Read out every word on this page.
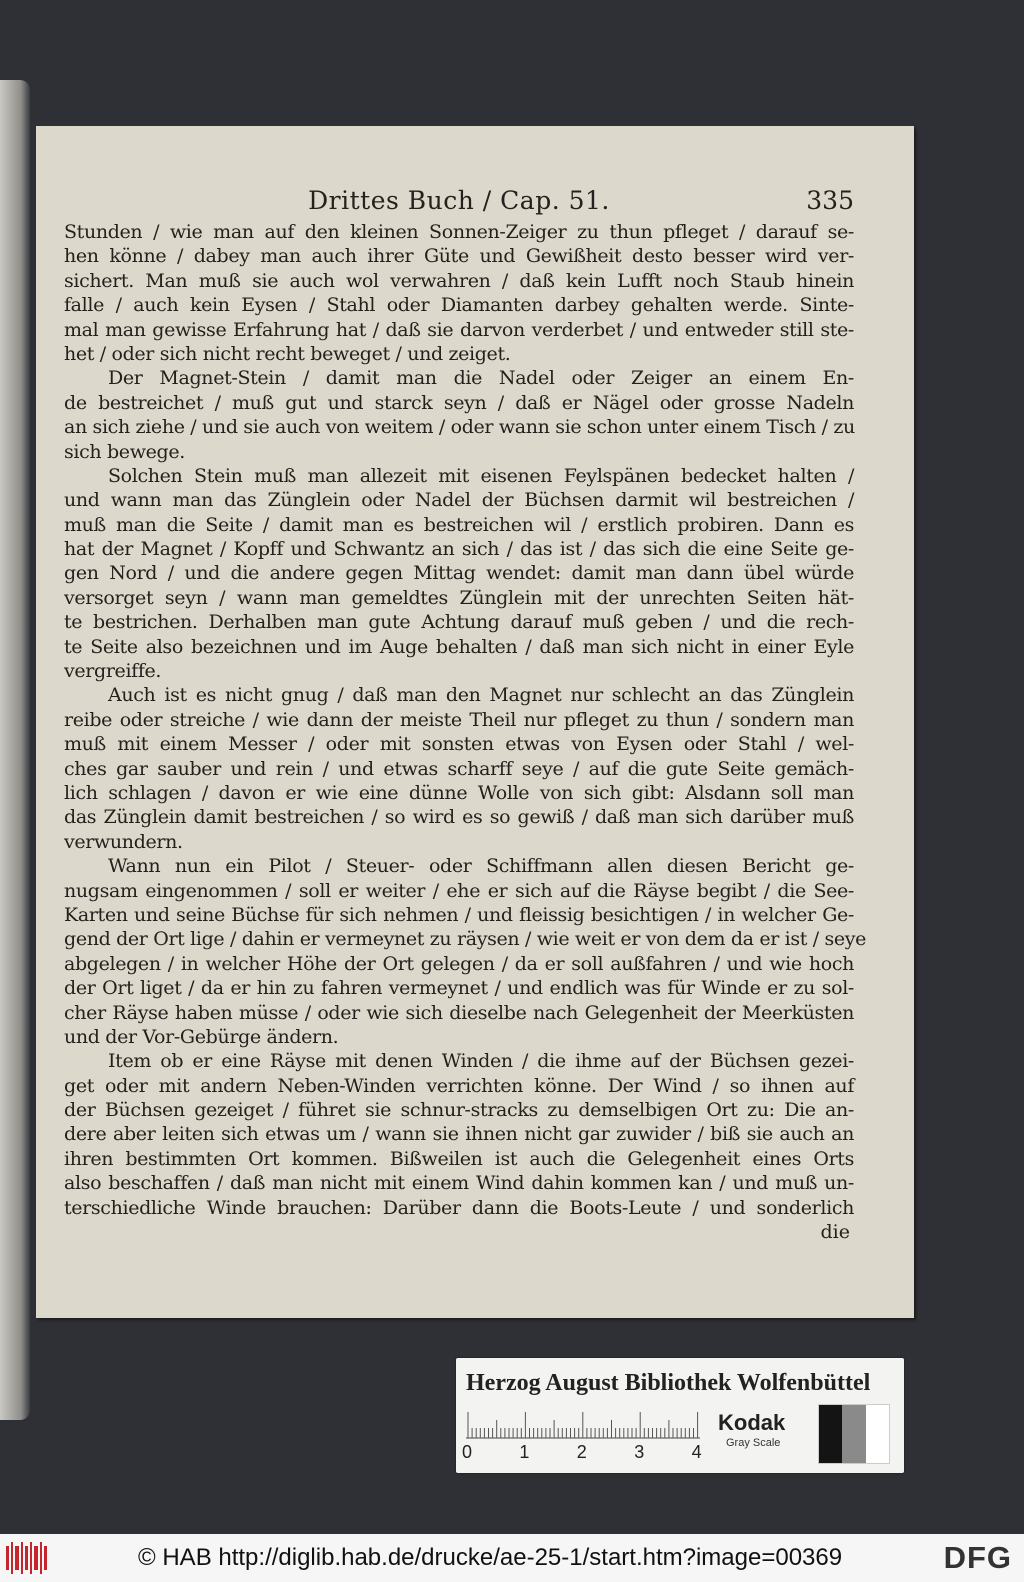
Drittes Buch / Cap. 51.	335
Stunden / wie man auf den kleinen Sonnen-Zeiger zu thun pfleget / darauf se-
hen könne / dabey man auch ihrer Güte und Gewißheit desto besser wird ver-
sichert. Man muß sie auch wol verwahren / daß kein Lufft noch Staub hinein
falle / auch kein Eysen / Stahl oder Diamanten darbey gehalten werde. Sinte-
mal man gewisse Erfahrung hat / daß sie darvon verderbet / und entweder still ste-
het / oder sich nicht recht beweget / und zeiget.
Der Magnet-Stein / damit man die Nadel oder Zeiger an einem En-
de bestreichet / muß gut und starck seyn / daß er Nägel oder grosse Nadeln
an sich ziehe / und sie auch von weitem / oder wann sie schon unter einem Tisch / zu
sich bewege.
Solchen Stein muß man allezeit mit eisenen Feylspänen bedecket halten /
und wann man das Zünglein oder Nadel der Büchsen darmit wil bestreichen /
muß man die Seite / damit man es bestreichen wil / erstlich probiren. Dann es
hat der Magnet / Kopff und Schwantz an sich / das ist / das sich die eine Seite ge-
gen Nord / und die andere gegen Mittag wendet: damit man dann übel würde
versorget seyn / wann man gemeldtes Zünglein mit der unrechten Seiten hät-
te bestrichen. Derhalben man gute Achtung darauf muß geben / und die rech-
te Seite also bezeichnen und im Auge behalten / daß man sich nicht in einer Eyle
vergreiffe.
Auch ist es nicht gnug / daß man den Magnet nur schlecht an das Zünglein
reibe oder streiche / wie dann der meiste Theil nur pfleget zu thun / sondern man
muß mit einem Messer / oder mit sonsten etwas von Eysen oder Stahl / wel-
ches gar sauber und rein / und etwas scharff seye / auf die gute Seite gemäch-
lich schlagen / davon er wie eine dünne Wolle von sich gibt: Alsdann soll man
das Zünglein damit bestreichen / so wird es so gewiß / daß man sich darüber muß
verwundern.
Wann nun ein Pilot / Steuer- oder Schiffmann allen diesen Bericht ge-
nugsam eingenommen / soll er weiter / ehe er sich auf die Räyse begibt / die See-
Karten und seine Büchse für sich nehmen / und fleissig besichtigen / in welcher Ge-
gend der Ort lige / dahin er vermeynet zu räysen / wie weit er von dem da er ist / seye
abgelegen / in welcher Höhe der Ort gelegen / da er soll außfahren / und wie hoch
der Ort liget / da er hin zu fahren vermeynet / und endlich was für Winde er zu sol-
cher Räyse haben müsse / oder wie sich dieselbe nach Gelegenheit der Meerküsten
und der Vor-Gebürge ändern.
Item ob er eine Räyse mit denen Winden / die ihme auf der Büchsen gezei-
get oder mit andern Neben-Winden verrichten könne. Der Wind / so ihnen auf
der Büchsen gezeiget / führet sie schnur-stracks zu demselbigen Ort zu: Die an-
dere aber leiten sich etwas um / wann sie ihnen nicht gar zuwider / biß sie auch an
ihren bestimmten Ort kommen. Bißweilen ist auch die Gelegenheit eines Orts
also beschaffen / daß man nicht mit einem Wind dahin kommen kan / und muß un-
terschiedliche Winde brauchen: Darüber dann die Boots-Leute / und sonderlich
die
Herzog August Bibliothek Wolfenbüttel
0	1	2	3	4
Kodak
Gray Scale
© HAB http://diglib.hab.de/drucke/ae-25-1/start.htm?image=00369	DFG
